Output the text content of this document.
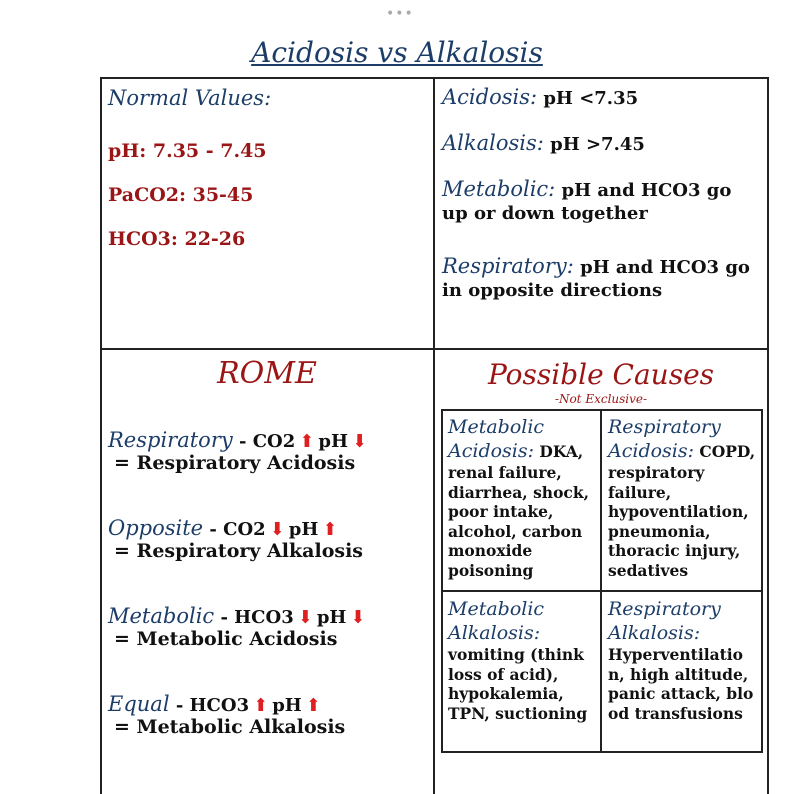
•••
Acidosis vs Alkalosis
Normal Values:
pH: 7.35 - 7.45
PaCO2: 35-45
HCO3: 22-26
Acidosis: pH <7.35
Alkalosis: pH >7.45
Metabolic: pH and HCO3 go up or down together
Respiratory: pH and HCO3 go in opposite directions
ROME
Respiratory - CO2 ⬆ pH ⬇
= Respiratory Acidosis
Opposite - CO2 ⬇ pH ⬆
= Respiratory Alkalosis
Metabolic - HCO3 ⬇ pH ⬇
= Metabolic Acidosis
Equal - HCO3 ⬆ pH ⬆
= Metabolic Alkalosis
Possible Causes
-Not Exclusive-
Metabolic Acidosis: DKA, renal failure, diarrhea, shock, poor intake, alcohol, carbon monoxide poisoning
Respiratory Acidosis: COPD, respiratory failure, hypoventilation, pneumonia, thoracic injury, sedatives
Metabolic Alkalosis:
vomiting (think loss of acid), hypokalemia, TPN, suctioning
Respiratory Alkalosis:
Hyperventilation, high altitude, panic attack, blood transfusions
